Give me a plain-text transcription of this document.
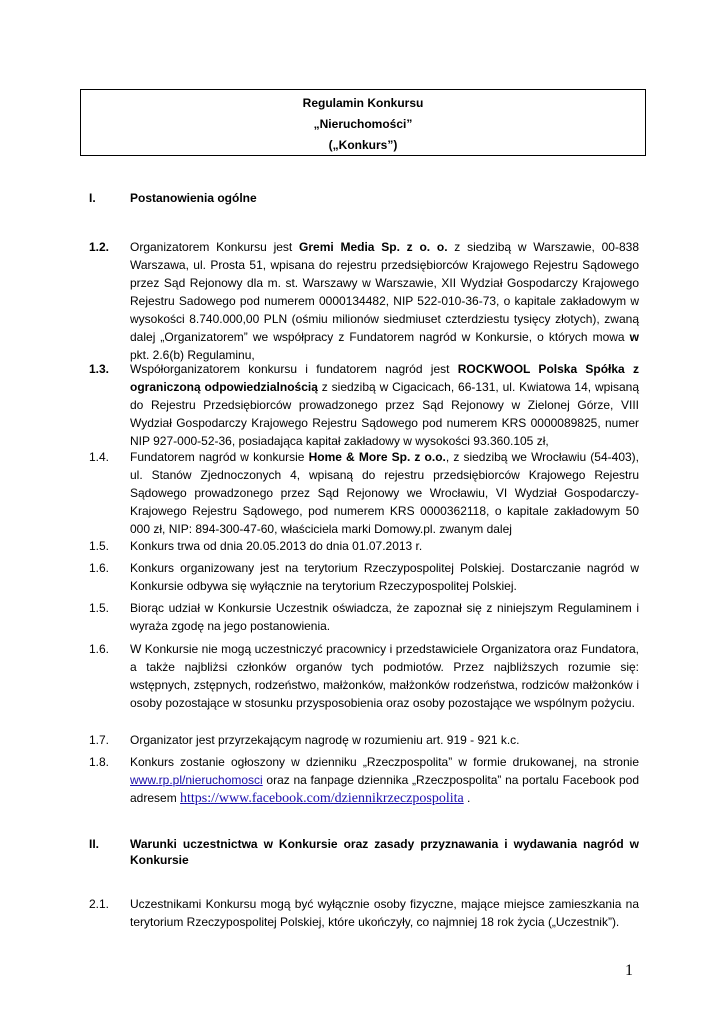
Regulamin Konkursu
„Nieruchomości”
(„Konkurs”)
I.	Postanowienia ogólne
1.2. Organizatorem Konkursu jest Gremi Media Sp. z o. o. z siedzibą w Warszawie, 00-838 Warszawa, ul. Prosta 51, wpisana do rejestru przedsiębiorców Krajowego Rejestru Sądowego przez Sąd Rejonowy dla m. st. Warszawy w Warszawie, XII Wydział Gospodarczy Krajowego Rejestru Sadowego pod numerem 0000134482, NIP 522-010-36-73, o kapitale zakładowym w wysokości 8.740.000,00 PLN (ośmiu milionów siedmiuset czterdziestu tysięcy złotych), zwaną dalej „Organizatorem” we współpracy z Fundatorem nagród w Konkursie, o których mowa w pkt. 2.6(b) Regulaminu,
1.3. Współorganizatorem konkursu i fundatorem nagród jest ROCKWOOL Polska Spółka z ograniczoną odpowiedzialnością z siedzibą w Cigacicach, 66-131, ul. Kwiatowa 14, wpisaną do Rejestru Przedsiębiorców prowadzonego przez Sąd Rejonowy w Zielonej Górze, VIII Wydział Gospodarczy Krajowego Rejestru Sądowego pod numerem KRS 0000089825, numer NIP 927-000-52-36, posiadająca kapitał zakładowy w wysokości 93.360.105 zł,
1.4. Fundatorem nagród w konkursie Home & More Sp. z o.o., z siedzibą we Wrocławiu (54-403), ul. Stanów Zjednoczonych 4, wpisaną do rejestru przedsiębiorców Krajowego Rejestru Sądowego prowadzonego przez Sąd Rejonowy we Wrocławiu, VI Wydział Gospodarczy-Krajowego Rejestru Sądowego, pod numerem KRS 0000362118, o kapitale zakładowym 50 000 zł, NIP: 894-300-47-60, właściciela marki Domowy.pl. zwanym dalej
1.5. Konkurs trwa od dnia 20.05.2013 do dnia 01.07.2013 r.
1.6. Konkurs organizowany jest na terytorium Rzeczypospolitej Polskiej. Dostarczanie nagród w Konkursie odbywa się wyłącznie na terytorium Rzeczypospolitej Polskiej.
1.5. Biorąc udział w Konkursie Uczestnik oświadcza, że zapoznał się z niniejszym Regulaminem i wyraża zgodę na jego postanowienia.
1.6. W Konkursie nie mogą uczestniczyć pracownicy i przedstawiciele Organizatora oraz Fundatora, a także najbliżsi członków organów tych podmiotów. Przez najbliższych rozumie się: wstępnych, zstępnych, rodzeństwo, małżonków, małżonków rodzeństwa, rodziców małżonków i osoby pozostające w stosunku przysposobienia oraz osoby pozostające we wspólnym pożyciu.
1.7. Organizator jest przyrzekającym nagrodę w rozumieniu art. 919 - 921 k.c.
1.8. Konkurs zostanie ogłoszony w dzienniku „Rzeczpospolita” w formie drukowanej, na stronie www.rp.pl/nieruchomosci oraz na fanpage dziennika „Rzeczpospolita” na portalu Facebook pod adresem https://www.facebook.com/dziennikrzeczpospolita .
II.	Warunki uczestnictwa w Konkursie oraz zasady przyznawania i wydawania nagród w Konkursie
2.1. Uczestnikami Konkursu mogą być wyłącznie osoby fizyczne, mające miejsce zamieszkania na terytorium Rzeczypospolitej Polskiej, które ukończyły, co najmniej 18 rok życia („Uczestnik”).
1
